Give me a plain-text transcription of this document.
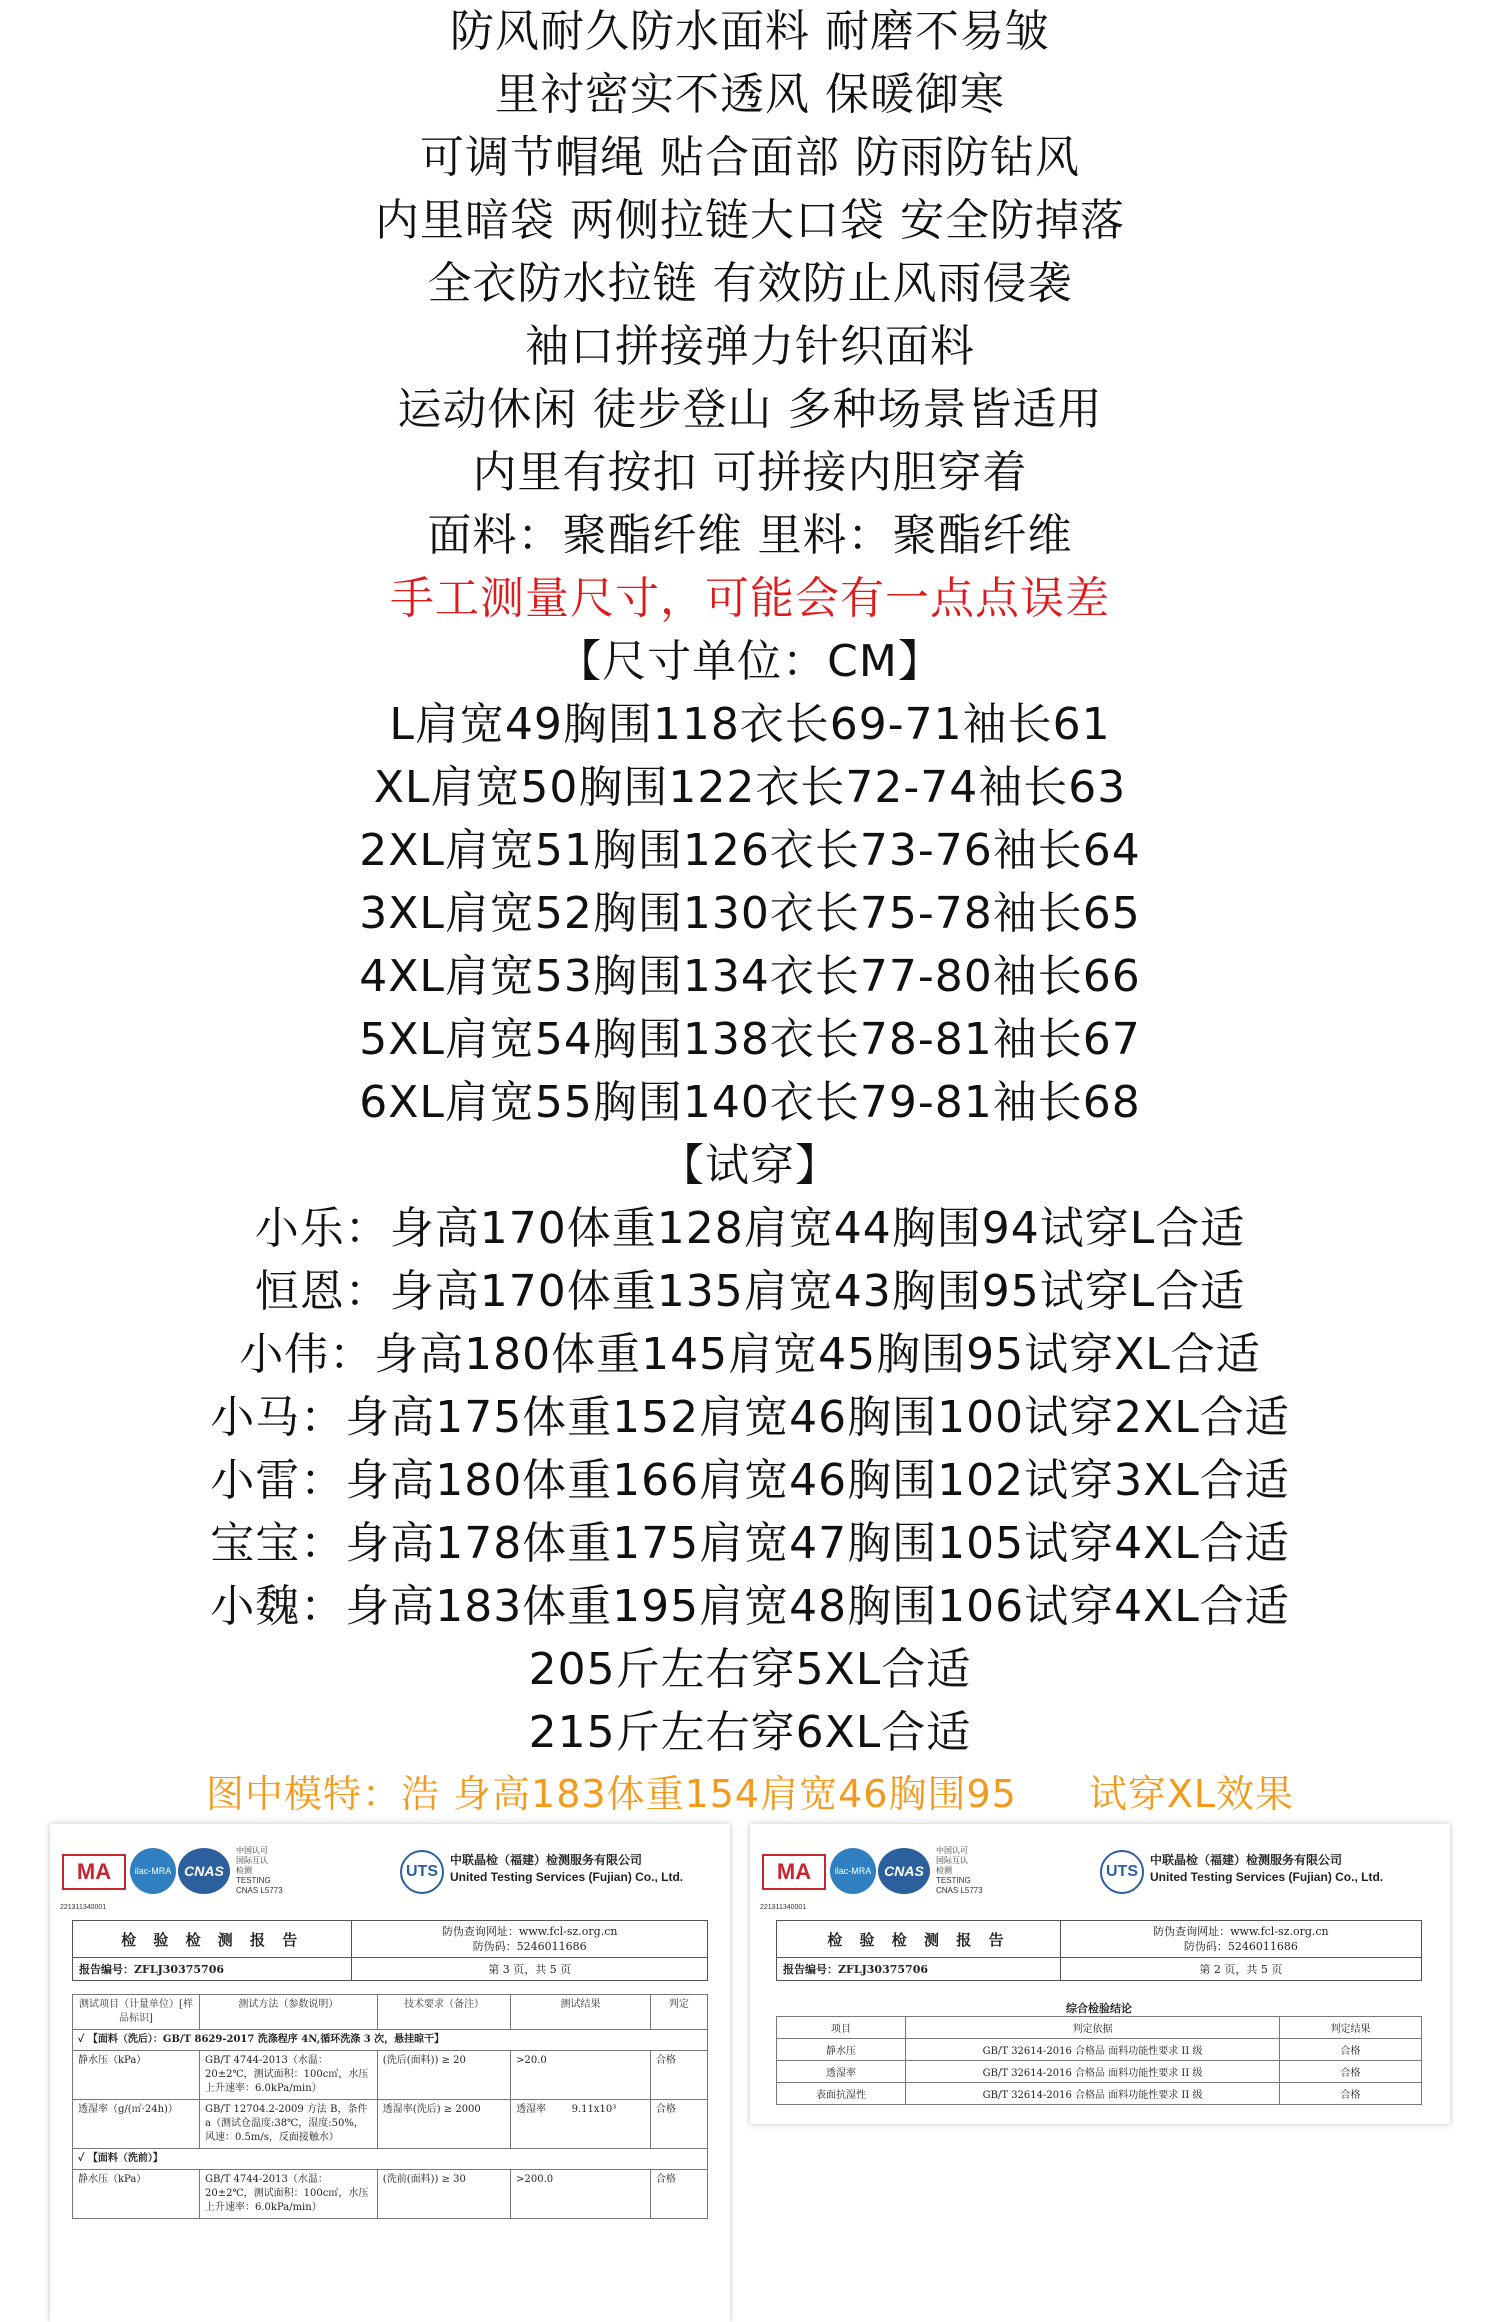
防风耐久防水面料 耐磨不易皱
里衬密实不透风 保暖御寒
可调节帽绳 贴合面部 防雨防钻风
内里暗袋 两侧拉链大口袋 安全防掉落
全衣防水拉链 有效防止风雨侵袭
袖口拼接弹力针织面料
运动休闲 徒步登山 多种场景皆适用
内里有按扣 可拼接内胆穿着
面料：聚酯纤维 里料：聚酯纤维
手工测量尺寸，可能会有一点点误差
【尺寸单位：CM】
L肩宽49胸围118衣长69-71袖长61
XL肩宽50胸围122衣长72-74袖长63
2XL肩宽51胸围126衣长73-76袖长64
3XL肩宽52胸围130衣长75-78袖长65
4XL肩宽53胸围134衣长77-80袖长66
5XL肩宽54胸围138衣长78-81袖长67
6XL肩宽55胸围140衣长79-81袖长68
【试穿】
小乐：身高170体重128肩宽44胸围94试穿L合适
恒恩：身高170体重135肩宽43胸围95试穿L合适
小伟：身高180体重145肩宽45胸围95试穿XL合适
小马：身高175体重152肩宽46胸围100试穿2XL合适
小雷：身高180体重166肩宽46胸围102试穿3XL合适
宝宝：身高178体重175肩宽47胸围105试穿4XL合适
小魏：身高183体重195肩宽48胸围106试穿4XL合适
205斤左右穿5XL合适
215斤左右穿6XL合适
图中模特：浩 身高183体重154肩宽46胸围95 试穿XL效果
MA
221311340001
ilac-MRA CNAS
中国认可
国际互认
检测
TESTING
CNAS L5773
UTS
中联晶检（福建）检测服务有限公司
United Testing Services (Fujian) Co., Ltd.
检 验 检 测 报 告	防伪查询网址：www.fcl-sz.org.cn
防伪码：5246011686

报告编号：ZFLJ30375706	第 3 页，共 5 页
测试项目（计量单位）[样品标识]	测试方法（参数说明）	技术要求（备注）	测试结果	判定
✓ 【面料（洗后）：GB/T 8629-2017 洗涤程序 4N,循环洗涤 3 次，悬挂晾干】				
静水压（kPa）	GB/T 4744-2013（水温：20±2℃，测试面积：100c㎡，水压上升速率：6.0kPa/min）	(洗后(面料)) ≥ 20	>20.0	合格
透湿率（g/(㎡·24h)）	GB/T 12704.2-2009 方法 B，条件 a（测试仓温度:38℃，湿度:50%，风速：0.5m/s，反面接触水）	透湿率(洗后) ≥ 2000	透湿率 9.11x10³	合格
✓ 【面料（洗前）】				
静水压（kPa）	GB/T 4744-2013（水温：20±2℃，测试面积：100c㎡，水压上升速率：6.0kPa/min）	(洗前(面料)) ≥ 30	>200.0	合格
MA
221311340001
ilac-MRA CNAS
中国认可
国际互认
检测
TESTING
CNAS L5773
UTS
中联晶检（福建）检测服务有限公司
United Testing Services (Fujian) Co., Ltd.
检 验 检 测 报 告	防伪查询网址：www.fcl-sz.org.cn
防伪码：5246011686

报告编号：ZFLJ30375706	第 2 页，共 5 页
综合检验结论
项目	判定依据	判定结果
静水压	GB/T 32614-2016 合格品 面料功能性要求 II 级	合格
透湿率	GB/T 32614-2016 合格品 面料功能性要求 II 级	合格
表面抗湿性	GB/T 32614-2016 合格品 面料功能性要求 II 级	合格
